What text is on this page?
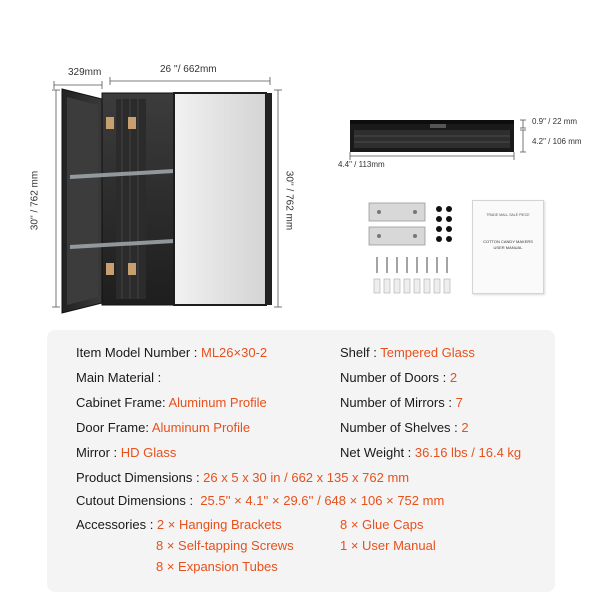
329mm	26 ''/ 662mm
30'' / 762 mm	30'' / 762 mm
0.9" / 22 mm
4.2" / 106 mm
4.4" / 113mm
TRADE MALL SALE PIECE
COTTON CANDY MAKERS
USER MANUAL
Item Model Number : ML26×30-2
Main Material :
Cabinet Frame: Aluminum Profile
Door Frame: Aluminum Profile
Mirror : HD Glass
Product Dimensions : 26 x 5 x 30 in / 662 x 135 x 762 mm
Cutout Dimensions :  25.5'' × 4.1'' × 29.6'' / 648 × 106 × 752 mm
Accessories : 2 × Hanging Brackets
8 × Self-tapping Screws
8 × Expansion Tubes
8 × Glue Caps
1 × User Manual
Shelf : Tempered Glass
Number of Doors : 2
Number of Mirrors : 7
Number of Shelves : 2
Net Weight : 36.16 lbs / 16.4 kg
